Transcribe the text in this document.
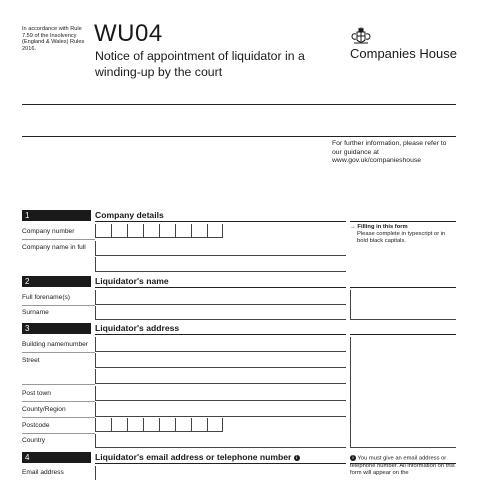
In accordance with Rule 7.59 of the Insolvency (England & Wales) Rules 2016.
WU04
Notice of appointment of liquidator in a winding-up by the court
Companies House
For further information, please refer to our guidance at www.gov.uk/companieshouse
1	Company details
Company number
Company name in full
→ Filling in this form
Please complete in typescript or in bold black capitals.
2	Liquidator's name
Full forename(s)
Surname
3	Liquidator's address
Building name/number
Street
Post town
County/Region
Postcode
Country
4	Liquidator's email address or telephone number i
Email address
i You must give an email address or telephone number. All information on this form will appear on the
